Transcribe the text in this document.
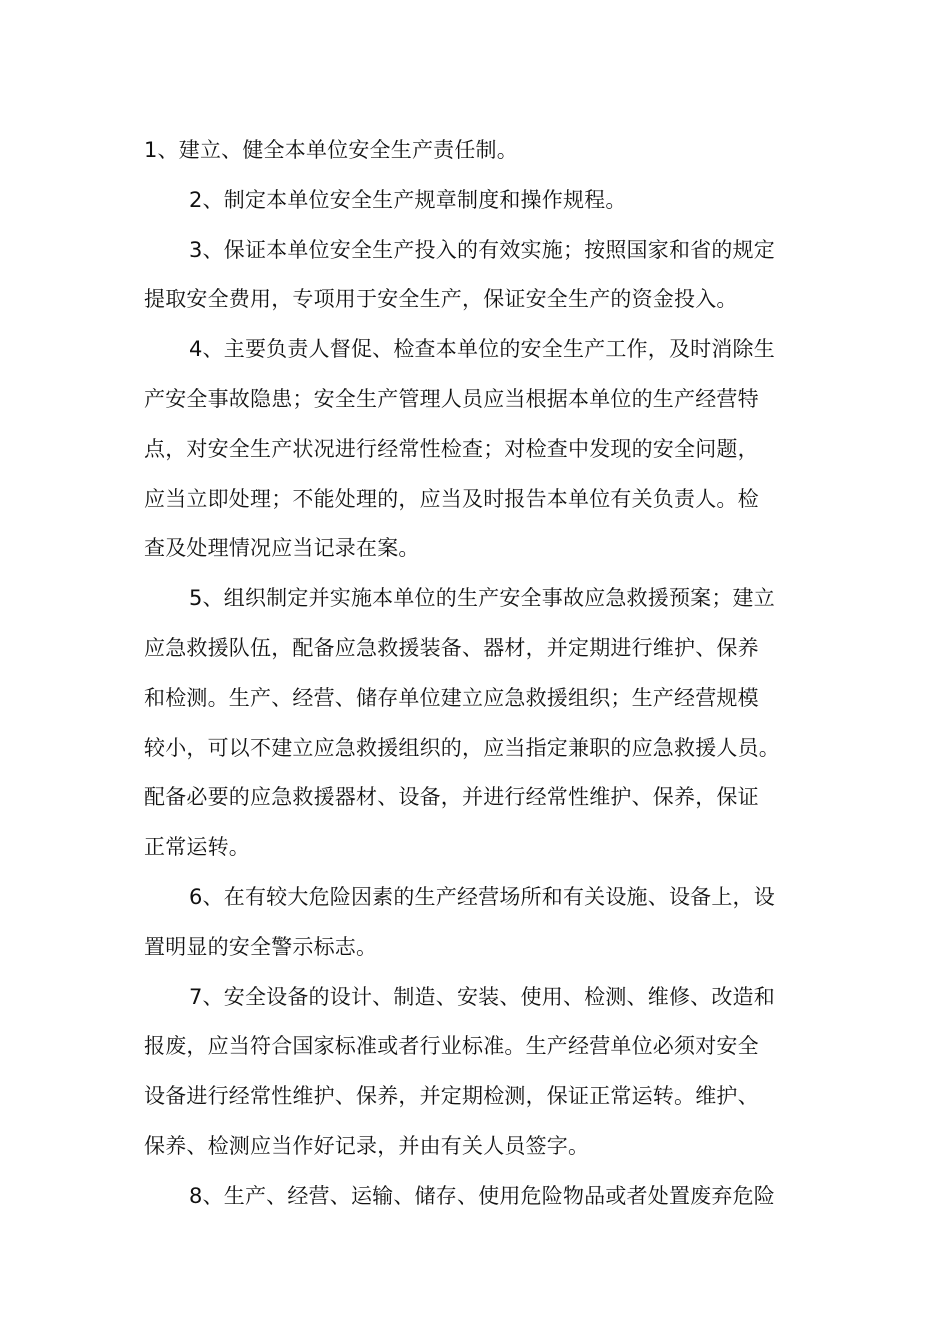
1、建立、健全本单位安全生产责任制。

2、制定本单位安全生产规章制度和操作规程。

3、保证本单位安全生产投入的有效实施；按照国家和省的规定
提取安全费用，专项用于安全生产，保证安全生产的资金投入。

4、主要负责人督促、检查本单位的安全生产工作，及时消除生
产安全事故隐患；安全生产管理人员应当根据本单位的生产经营特
点，对安全生产状况进行经常性检查；对检查中发现的安全问题，
应当立即处理；不能处理的，应当及时报告本单位有关负责人。检
查及处理情况应当记录在案。

5、组织制定并实施本单位的生产安全事故应急救援预案；建立
应急救援队伍，配备应急救援装备、器材，并定期进行维护、保养
和检测。生产、经营、储存单位建立应急救援组织；生产经营规模
较小，可以不建立应急救援组织的，应当指定兼职的应急救援人员。
配备必要的应急救援器材、设备，并进行经常性维护、保养，保证
正常运转。

6、在有较大危险因素的生产经营场所和有关设施、设备上，设
置明显的安全警示标志。

7、安全设备的设计、制造、安装、使用、检测、维修、改造和
报废，应当符合国家标准或者行业标准。生产经营单位必须对安全
设备进行经常性维护、保养，并定期检测，保证正常运转。维护、
保养、检测应当作好记录，并由有关人员签字。

8、生产、经营、运输、储存、使用危险物品或者处置废弃危险
